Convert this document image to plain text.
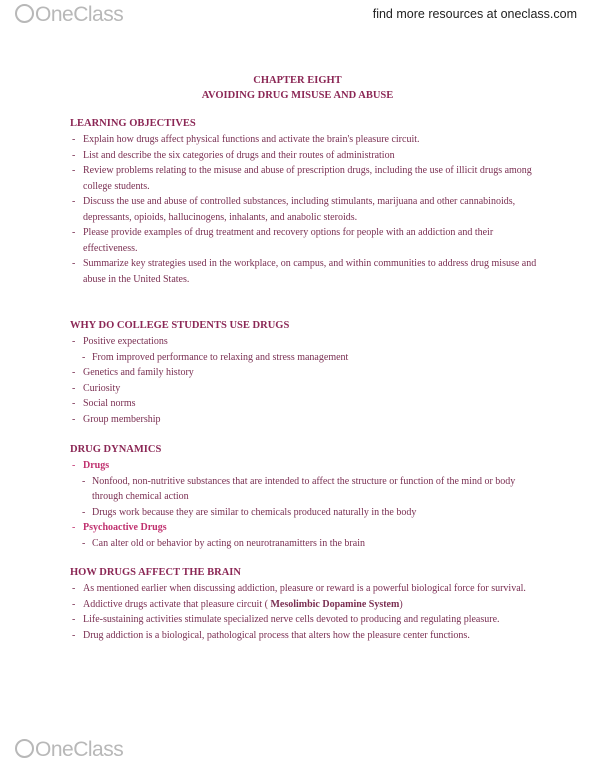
OneClass	find more resources at oneclass.com
CHAPTER EIGHT
AVOIDING DRUG MISUSE AND ABUSE
LEARNING OBJECTIVES
- Explain how drugs affect physical functions and activate the brain's pleasure circuit.
- List and describe the six categories of drugs and their routes of administration
- Review problems relating to the misuse and abuse of prescription drugs, including the use of illicit drugs among college students.
- Discuss the use and abuse of controlled substances, including stimulants, marijuana and other cannabinoids, depressants, opioids, hallucinogens, inhalants, and anabolic steroids.
- Please provide examples of drug treatment and recovery options for people with an addiction and their effectiveness.
- Summarize key strategies used in the workplace, on campus, and within communities to address drug misuse and abuse in the United States.
WHY DO COLLEGE STUDENTS USE DRUGS
- Positive expectations
- From improved performance to relaxing and stress management
- Genetics and family history
- Curiosity
- Social norms
- Group membership
DRUG DYNAMICS
- Drugs
- Nonfood, non-nutritive substances that are intended to affect the structure or function of the mind or body through chemical action
- Drugs work because they are similar to chemicals produced naturally in the body
- Psychoactive Drugs
- Can alter old or behavior by acting on neurotranamitters in the brain
HOW DRUGS AFFECT THE BRAIN
- As mentioned earlier when discussing addiction, pleasure or reward is a powerful biological force for survival.
- Addictive drugs activate that pleasure circuit ( Mesolimbic Dopamine System)
- Life-sustaining activities stimulate specialized nerve cells devoted to producing and regulating pleasure.
- Drug addiction is a biological, pathological process that alters how the pleasure center functions.
OneClass
